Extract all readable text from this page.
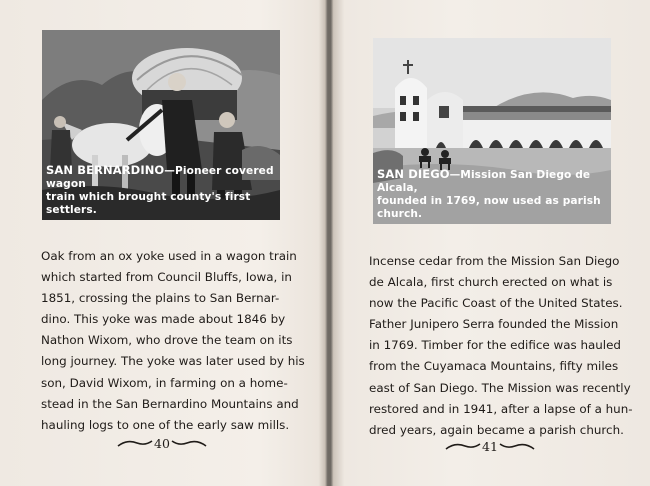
SAN BERNARDINO—Pioneer covered wagon
train which brought county's first settlers.

Oak from an ox yoke used in a wagon train
which started from Council Bluffs, Iowa, in
1851, crossing the plains to San Bernar-
dino. This yoke was made about 1846 by
Nathon Wixom, who drove the team on its
long journey. The yoke was later used by his
son, David Wixom, in farming on a home-
stead in the San Bernardino Mountains and
hauling logs to one of the early saw mills.

40
SAN DIEGO—Mission San Diego de Alcala,
founded in 1769, now used as parish church.

Incense cedar from the Mission San Diego
de Alcala, first church erected on what is
now the Pacific Coast of the United States.
Father Junipero Serra founded the Mission
in 1769. Timber for the edifice was hauled
from the Cuyamaca Mountains, fifty miles
east of San Diego. The Mission was recently
restored and in 1941, after a lapse of a hun-
dred years, again became a parish church.

41
